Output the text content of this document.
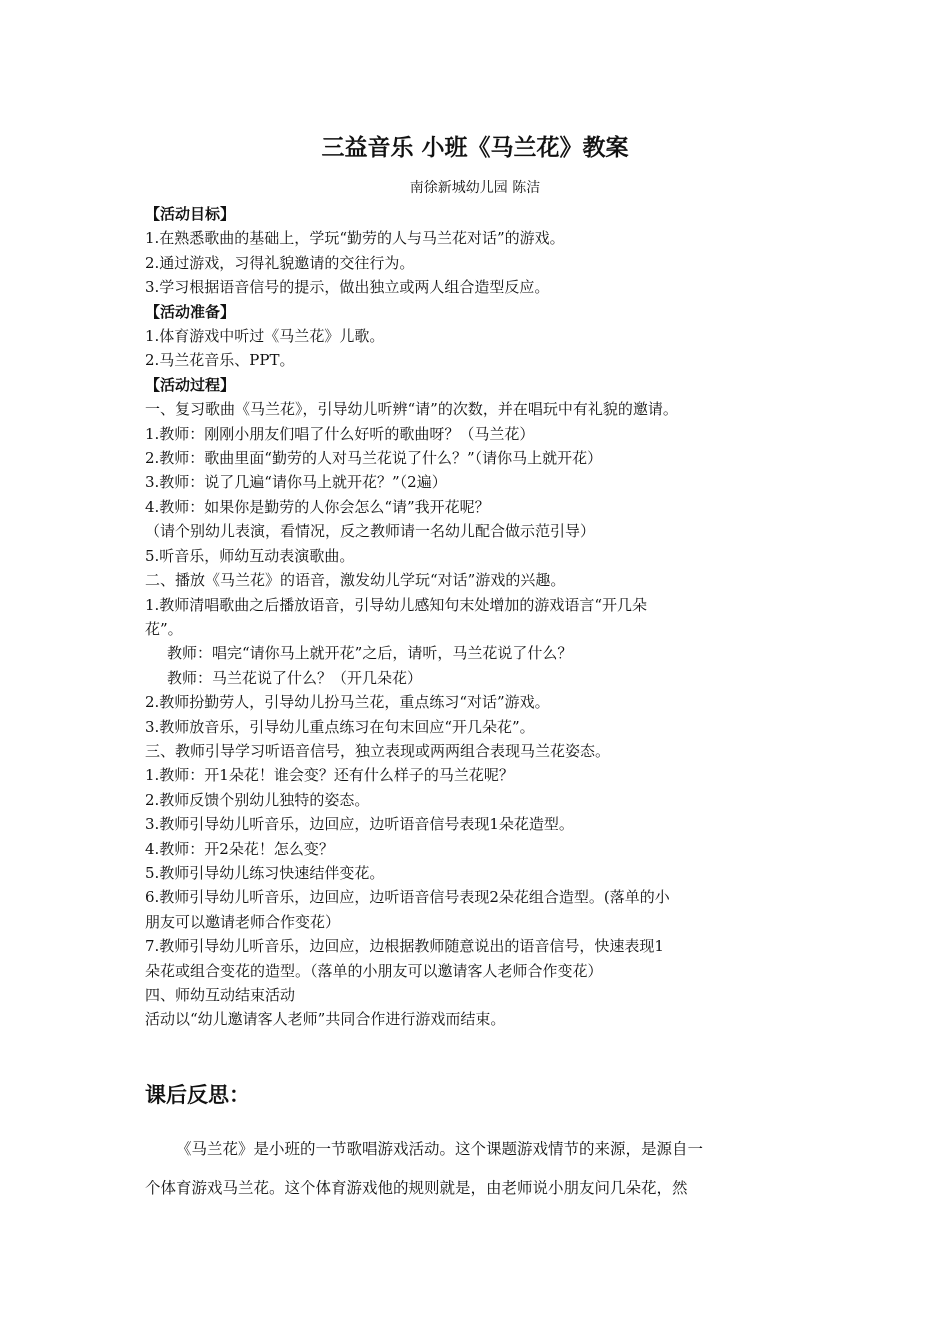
三益音乐 小班《马兰花》教案
南徐新城幼儿园 陈洁
【活动目标】
1.在熟悉歌曲的基础上，学玩“勤劳的人与马兰花对话”的游戏。
2.通过游戏，习得礼貌邀请的交往行为。
3.学习根据语音信号的提示，做出独立或两人组合造型反应。
【活动准备】
1.体育游戏中听过《马兰花》儿歌。
2.马兰花音乐、PPT。
【活动过程】
一、复习歌曲《马兰花》，引导幼儿听辨“请”的次数，并在唱玩中有礼貌的邀请。
1.教师：刚刚小朋友们唱了什么好听的歌曲呀？（马兰花）
2.教师：歌曲里面“勤劳的人对马兰花说了什么？”（请你马上就开花）
3.教师：说了几遍“请你马上就开花？”（2遍）
4.教师：如果你是勤劳的人你会怎么“请”我开花呢？
（请个别幼儿表演，看情况，反之教师请一名幼儿配合做示范引导）
5.听音乐，师幼互动表演歌曲。
二、播放《马兰花》的语音，激发幼儿学玩“对话”游戏的兴趣。
1.教师清唱歌曲之后播放语音，引导幼儿感知句末处增加的游戏语言“开几朵
花”。
教师：唱完“请你马上就开花”之后，请听，马兰花说了什么？
教师：马兰花说了什么？（开几朵花）
2.教师扮勤劳人，引导幼儿扮马兰花，重点练习“对话”游戏。
3.教师放音乐，引导幼儿重点练习在句末回应“开几朵花”。
三、教师引导学习听语音信号，独立表现或两两组合表现马兰花姿态。
1.教师：开1朵花！谁会变？还有什么样子的马兰花呢？
2.教师反馈个别幼儿独特的姿态。
3.教师引导幼儿听音乐，边回应，边听语音信号表现1朵花造型。
4.教师：开2朵花！怎么变？
5.教师引导幼儿练习快速结伴变花。
6.教师引导幼儿听音乐，边回应，边听语音信号表现2朵花组合造型。(落单的小
朋友可以邀请老师合作变花）
7.教师引导幼儿听音乐，边回应，边根据教师随意说出的语音信号，快速表现1
朵花或组合变花的造型。（落单的小朋友可以邀请客人老师合作变花）
四、师幼互动结束活动
活动以“幼儿邀请客人老师”共同合作进行游戏而结束。
课后反思：
《马兰花》是小班的一节歌唱游戏活动。这个课题游戏情节的来源，是源自一
个体育游戏马兰花。这个体育游戏他的规则就是，由老师说小朋友问几朵花，然
